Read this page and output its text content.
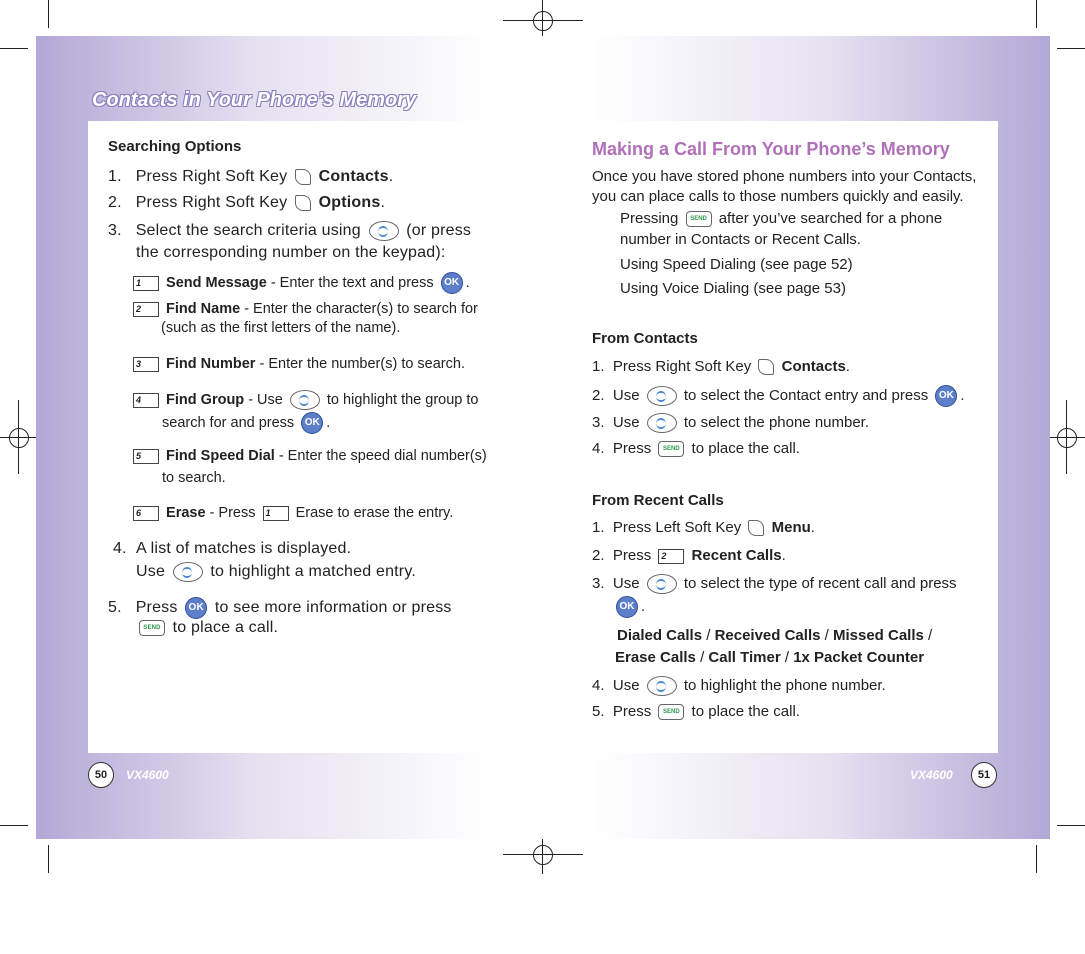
Contacts in Your Phone’s Memory
Searching Options
1. Press Right Soft Key Contacts.
2. Press Right Soft Key Options.
3. Select the search criteria using	(or press
the corresponding number on the keypad):
1 Send Message - Enter the text and press OK .
2 Find Name - Enter the character(s) to search for
(such as the first letters of the name).
3 Find Number - Enter the number(s) to search.
4 Find Group - Use	to highlight the group to
search for and press OK .
5 Find Speed Dial - Enter the speed dial number(s)
to search.
6 Erase - Press 1 Erase to erase the entry.
4. A list of matches is displayed.
Use	to highlight a matched entry.
5. Press OK to see more information or press
SEND to place a call.
Making a Call From Your Phone’s Memory
Once you have stored phone numbers into your Contacts,
you can place calls to those numbers quickly and easily.
Pressing SEND after you’ve searched for a phone
number in Contacts or Recent Calls.
Using Speed Dialing (see page 52)
Using Voice Dialing (see page 53)
From Contacts
1. Press Right Soft Key Contacts.
2. Use	to select the Contact entry and press OK .
3. Use	to select the phone number.
4. Press SEND to place the call.
From Recent Calls
1. Press Left Soft Key Menu.
2. Press 2 Recent Calls.
3. Use	to select the type of recent call and press
OK .
Dialed Calls / Received Calls / Missed Calls /
Erase Calls / Call Timer / 1x Packet Counter
4. Use	to highlight the phone number.
5. Press SEND to place the call.
50	VX4600	VX4600	51
